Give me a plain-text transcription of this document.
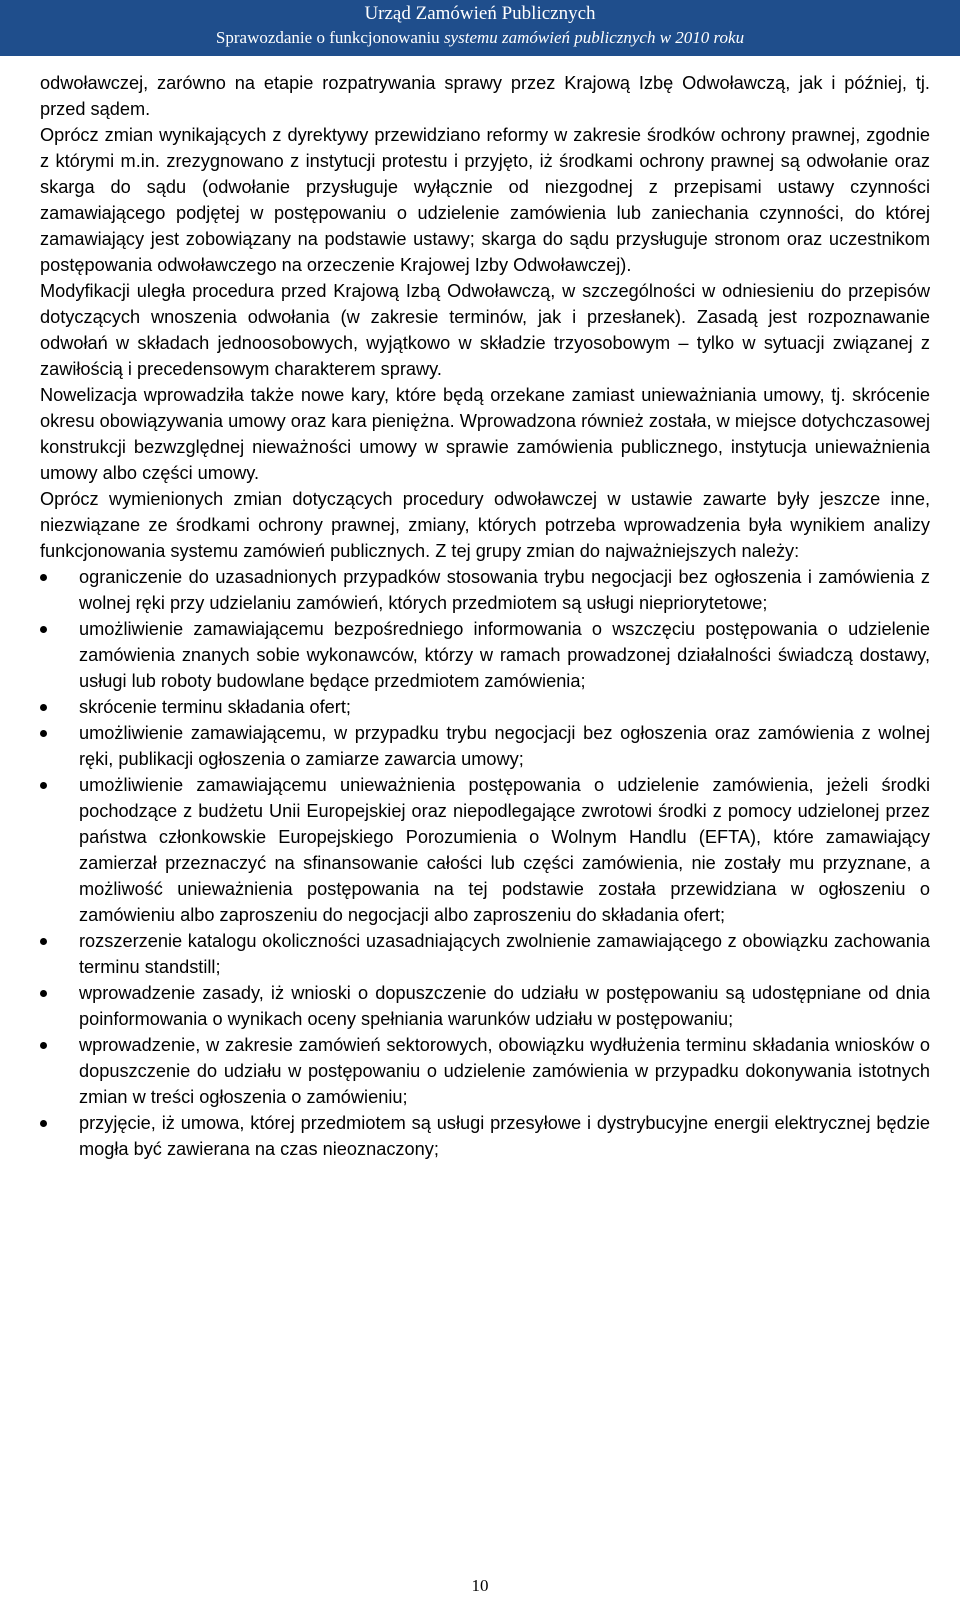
Urząd Zamówień Publicznych
Sprawozdanie o funkcjonowaniu systemu zamówień publicznych w 2010 roku

odwoławczej, zarówno na etapie rozpatrywania sprawy przez Krajową Izbę Odwoławczą, jak i później, tj. przed sądem.

Oprócz zmian wynikających z dyrektywy przewidziano reformy w zakresie środków ochrony prawnej, zgodnie z którymi m.in. zrezygnowano z instytucji protestu i przyjęto, iż środkami ochrony prawnej są odwołanie oraz skarga do sądu (odwołanie przysługuje wyłącznie od niezgodnej z przepisami ustawy czynności zamawiającego podjętej w postępowaniu o udzielenie zamówienia lub zaniechania czynności, do której zamawiający jest zobowiązany na podstawie ustawy; skarga do sądu przysługuje stronom oraz uczestnikom postępowania odwoławczego na orzeczenie Krajowej Izby Odwoławczej).

Modyfikacji uległa procedura przed Krajową Izbą Odwoławczą, w szczególności w odniesieniu do przepisów dotyczących wnoszenia odwołania (w zakresie terminów, jak i przesłanek). Zasadą jest rozpoznawanie odwołań w składach jednoosobowych, wyjątkowo w składzie trzyosobowym – tylko w sytuacji związanej z zawiłością i precedensowym charakterem sprawy.

Nowelizacja wprowadziła także nowe kary, które będą orzekane zamiast unieważniania umowy, tj. skrócenie okresu obowiązywania umowy oraz kara pieniężna. Wprowadzona również została, w miejsce dotychczasowej konstrukcji bezwzględnej nieważności umowy w sprawie zamówienia publicznego, instytucja unieważnienia umowy albo części umowy.

Oprócz wymienionych zmian dotyczących procedury odwoławczej w ustawie zawarte były jeszcze inne, niezwiązane ze środkami ochrony prawnej, zmiany, których potrzeba wprowadzenia była wynikiem analizy funkcjonowania systemu zamówień publicznych. Z tej grupy zmian do najważniejszych należy:

ograniczenie do uzasadnionych przypadków stosowania trybu negocjacji bez ogłoszenia i zamówienia z wolnej ręki przy udzielaniu zamówień, których przedmiotem są usługi niepriorytetowe;
umożliwienie zamawiającemu bezpośredniego informowania o wszczęciu postępowania o udzielenie zamówienia znanych sobie wykonawców, którzy w ramach prowadzonej działalności świadczą dostawy, usługi lub roboty budowlane będące przedmiotem zamówienia;
skrócenie terminu składania ofert;
umożliwienie zamawiającemu, w przypadku trybu negocjacji bez ogłoszenia oraz zamówienia z wolnej ręki, publikacji ogłoszenia o zamiarze zawarcia umowy;
umożliwienie zamawiającemu unieważnienia postępowania o udzielenie zamówienia, jeżeli środki pochodzące z budżetu Unii Europejskiej oraz niepodlegające zwrotowi środki z pomocy udzielonej przez państwa członkowskie Europejskiego Porozumienia o Wolnym Handlu (EFTA), które zamawiający zamierzał przeznaczyć na sfinansowanie całości lub części zamówienia, nie zostały mu przyznane, a możliwość unieważnienia postępowania na tej podstawie została przewidziana w ogłoszeniu o zamówieniu albo zaproszeniu do negocjacji albo zaproszeniu do składania ofert;
rozszerzenie katalogu okoliczności uzasadniających zwolnienie zamawiającego z obowiązku zachowania terminu standstill;
wprowadzenie zasady, iż wnioski o dopuszczenie do udziału w postępowaniu są udostępniane od dnia poinformowania o wynikach oceny spełniania warunków udziału w postępowaniu;
wprowadzenie, w zakresie zamówień sektorowych, obowiązku wydłużenia terminu składania wniosków o dopuszczenie do udziału w postępowaniu o udzielenie zamówienia w przypadku dokonywania istotnych zmian w treści ogłoszenia o zamówieniu;
przyjęcie, iż umowa, której przedmiotem są usługi przesyłowe i dystrybucyjne energii elektrycznej będzie mogła być zawierana na czas nieoznaczony;
10
